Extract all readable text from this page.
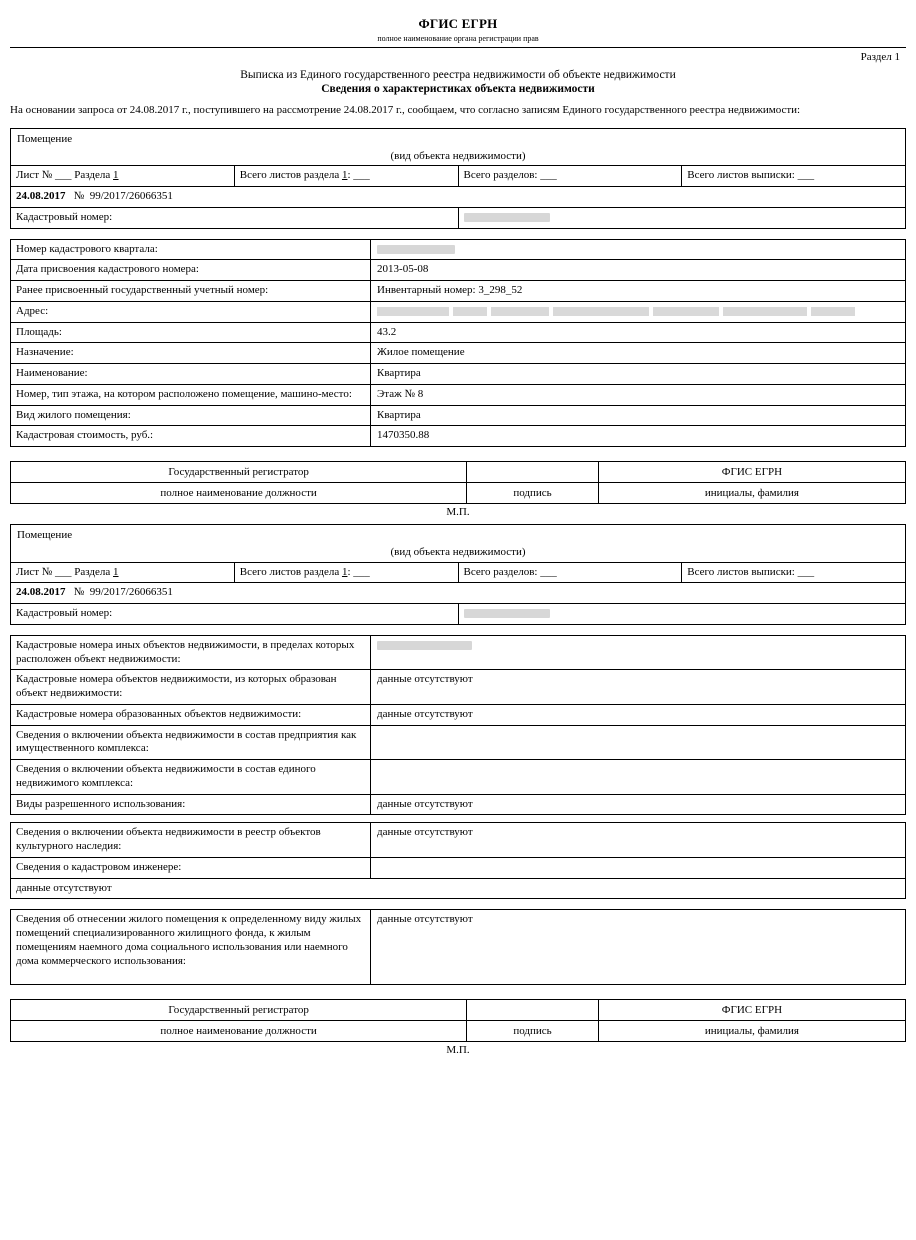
ФГИС ЕГРН
полное наименование органа регистрации прав
Раздел 1
Выписка из Единого государственного реестра недвижимости об объекте недвижимости
Сведения о характеристиках объекта недвижимости
На основании запроса от 24.08.2017 г., поступившего на рассмотрение 24.08.2017 г., сообщаем, что согласно записям Единого государственного реестра недвижимости:
Помещение			
(вид объекта недвижимости)			
Лист № ___ Раздела 1	Всего листов раздела 1: ___	Всего разделов: ___	Всего листов выписки: ___
24.08.2017 № 99/2017/26066351			
Кадастровый номер:			
Номер кадастрового квартала:	
Дата присвоения кадастрового номера:	2013-05-08
Ранее присвоенный государственный учетный номер:	Инвентарный номер: 3_298_52
Адрес:	
Площадь:	43.2
Назначение:	Жилое помещение
Наименование:	Квартира
Номер, тип этажа, на котором расположено помещение, машино-место:	Этаж № 8
Вид жилого помещения:	Квартира
Кадастровая стоимость, руб.:	1470350.88
Государственный регистратор		ФГИС ЕГРН
полное наименование должности	подпись	инициалы, фамилия
М.П.
Помещение			
(вид объекта недвижимости)			
Лист № ___ Раздела 1	Всего листов раздела 1: ___	Всего разделов: ___	Всего листов выписки: ___
24.08.2017 № 99/2017/26066351			
Кадастровый номер:			
Кадастровые номера иных объектов недвижимости, в пределах которых расположен объект недвижимости:	
Кадастровые номера объектов недвижимости, из которых образован объект недвижимости:	данные отсутствуют
Кадастровые номера образованных объектов недвижимости:	данные отсутствуют
Сведения о включении объекта недвижимости в состав предприятия как имущественного комплекса:	
Сведения о включении объекта недвижимости в состав единого недвижимого комплекса:	
Виды разрешенного использования:	данные отсутствуют
Сведения о включении объекта недвижимости в реестр объектов культурного наследия:	данные отсутствуют
Сведения о кадастровом инженере:	
данные отсутствуют	
Сведения об отнесении жилого помещения к определенному виду жилых помещений специализированного жилищного фонда, к жилым помещениям наемного дома социального использования или наемного дома коммерческого использования:	данные отсутствуют
Государственный регистратор		ФГИС ЕГРН
полное наименование должности	подпись	инициалы, фамилия
М.П.
